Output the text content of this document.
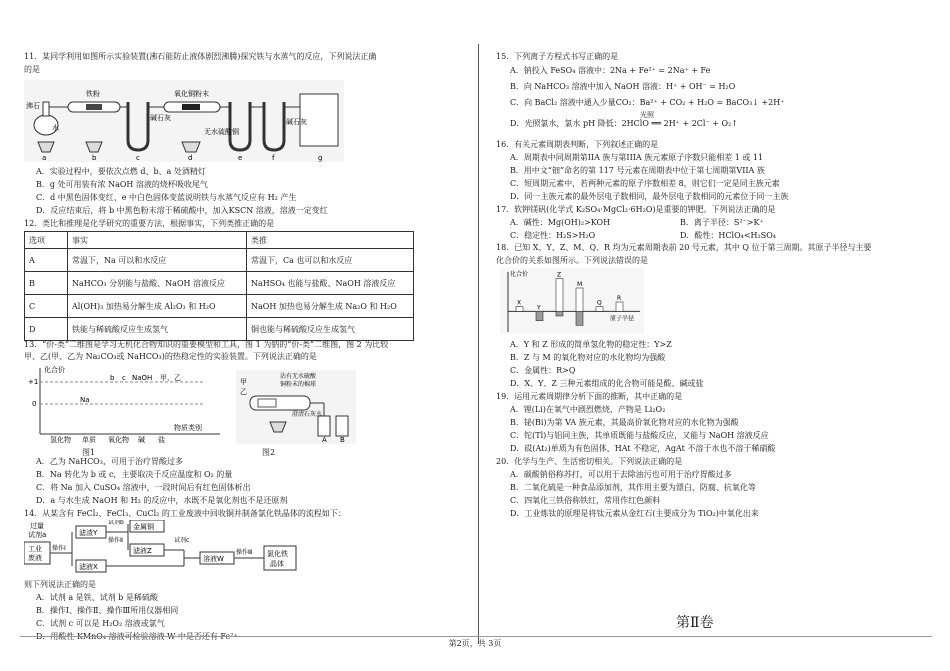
11．某同学利用如图所示实验装置(沸石能防止液体剧烈沸腾)探究铁与水蒸气的反应，下列说法正确
的是
沸石
水
铁粉
碱石灰
氧化铜粉末
无水硫酸铜
碱石灰
a	b	c	d	e	f	g
A．实验过程中，要依次点燃 d、b、a 处酒精灯
B．g 处可用装有浓 NaOH 溶液的烧杯吸收尾气
C．d 中黑色固体变红、e 中白色固体变蓝说明铁与水蒸气反应有 H₂ 产生
D．反应结束后，将 b 中黑色粉末溶于稀硫酸中，加入KSCN 溶液，溶液一定变红
12．类比和推理是化学研究的重要方法，根据事实，下列类推正确的是
选项	事实	类推
A	常温下，Na 可以和水反应	常温下，Ca 也可以和水反应
B	NaHCO₃ 分别能与盐酸、NaOH 溶液反应	NaHSO₄ 也能与盐酸、NaOH 溶液反应
C	Al(OH)₃ 加热易分解生成 Al₂O₃ 和 H₂O	NaOH 加热也易分解生成 Na₂O 和 H₂O
D	铁能与稀硫酸反应生成氢气	铜也能与稀硫酸反应生成氢气
13．“价-类”二维图是学习无机化合物知识的重要模型和工具，图 1 为钠的“价-类”二维图，图 2 为比较
甲、乙(甲、乙为 Na₂CO₃或 NaHCO₃)的热稳定性的实验装置。下列说法正确的是
化合价
+1
0
氢化物 单质 氧化物 碱 盐
物质类别
b c NaOH 甲、乙
Na
图1
甲
乙
沾有无水硫酸
铜粉末的棉球
澄清石灰水
A B
图2
A．乙为 NaHCO₃，可用于治疗胃酸过多
B．Na 转化为 b 或 c，主要取决于反应温度和 O₂ 的量
C．将 Na 加入 CuSO₄ 溶液中，一段时间后有红色固体析出
D．a 与水生成 NaOH 和 H₂ 的反应中，水既不是氧化剂也不是还原剂
14．从某含有 FeCl₂、FeCl₃、CuCl₂ 的工业废液中回收铜并制备氯化铁晶体的流程如下：
过量
试剂a
工业
废液
操作Ⅰ
滤渣Y
滤液X
试剂b
操作Ⅱ
金属铜
滤液Z
试剂c
溶液W
操作Ⅲ 氯化铁
晶体
则下列说法正确的是
A．试剂 a 是铁、试剂 b 是稀硫酸
B．操作Ⅰ、操作Ⅱ、操作Ⅲ所用仪器相同
C．试剂 c 可以是 H₂O₂ 溶液或氯气
D．用酸性 KMnO₄ 溶液可检验溶液 W 中是否还有 Fe²⁺
15．下列离子方程式书写正确的是
A．钠投入 FeSO₄ 溶液中：2Na + Fe²⁺ = 2Na⁺ + Fe
B．向 NaHCO₃ 溶液中加入 NaOH 溶液：H⁺ + OH⁻ = H₂O
C．向 BaCl₂ 溶液中通入少量CO₂：Ba²⁺ + CO₂ + H₂O = BaCO₃↓ +2H⁺
光照
D．光照氯水，氯水 pH 降低：2HClO ══ 2H⁺ + 2Cl⁻ + O₂↑
16．有关元素周期表判断，下列叙述正确的是
A．周期表中同周期第IIA 族与第IIIA 族元素原子序数只能相差 1 或 11
B．用中文“钿”命名的第 117 号元素在周期表中位于第七周期第VIIA 族
C．短周期元素中，若两种元素的原子序数相差 8，则它们一定是同主族元素
D．同一主族元素的最外层电子数相同，最外层电子数相同的元素位于同一主族
17．软钾镁矾(化学式 K₂SO₄·MgCl₂·6H₂O)是重要的钾肥。下列说法正确的是
A．碱性：Mg(OH)₂>KOH	B．离子半径：S²⁻>K⁺
C．稳定性：H₂S>H₂O	D．酸性：HClO₄<H₂SO₄
18．已知 X、Y、Z、M、Q、R 均为元素周期表前 20 号元素，其中 Q 位于第三周期。其原子半径与主要
化合价的关系如图所示。下列说法错误的是
化合价
原子半径
X
Y
Z
M
Q
R
A．Y 和 Z 形成的简单氢化物的稳定性：Y>Z
B．Z 与 M 的氧化物对应的水化物均为强酸
C．金属性：R>Q
D．X、Y、Z 三种元素组成的化合物可能是酸、碱或盐
19．运用元素周期律分析下面的推断，其中正确的是
A．锂(Li)在氧气中剧烈燃烧，产物是 Li₂O₂
B．铋(Bi)为第 VA 族元素，其最高价氧化物对应的水化物为强酸
C．铊(Tl)与铝同主族，其单质既能与盐酸反应，又能与 NaOH 溶液反应
D．砹(At₂)单质为有色固体，HAt 不稳定，AgAt 不溶于水也不溶于稀硝酸
20．化学与生产、生活密切相关。下列说法正确的是
A．碳酸钠俗称苏打，可以用于去除油污也可用于治疗胃酸过多
B．二氧化硫是一种食品添加剂，其作用主要为漂白、防腐、抗氧化等
C．四氧化三铁俗称铁红，常用作红色颜料
D．工业炼钛的原理是将钛元素从金红石(主要成分为 TiO₂)中氧化出来
第Ⅱ卷
第2页，共 3页
